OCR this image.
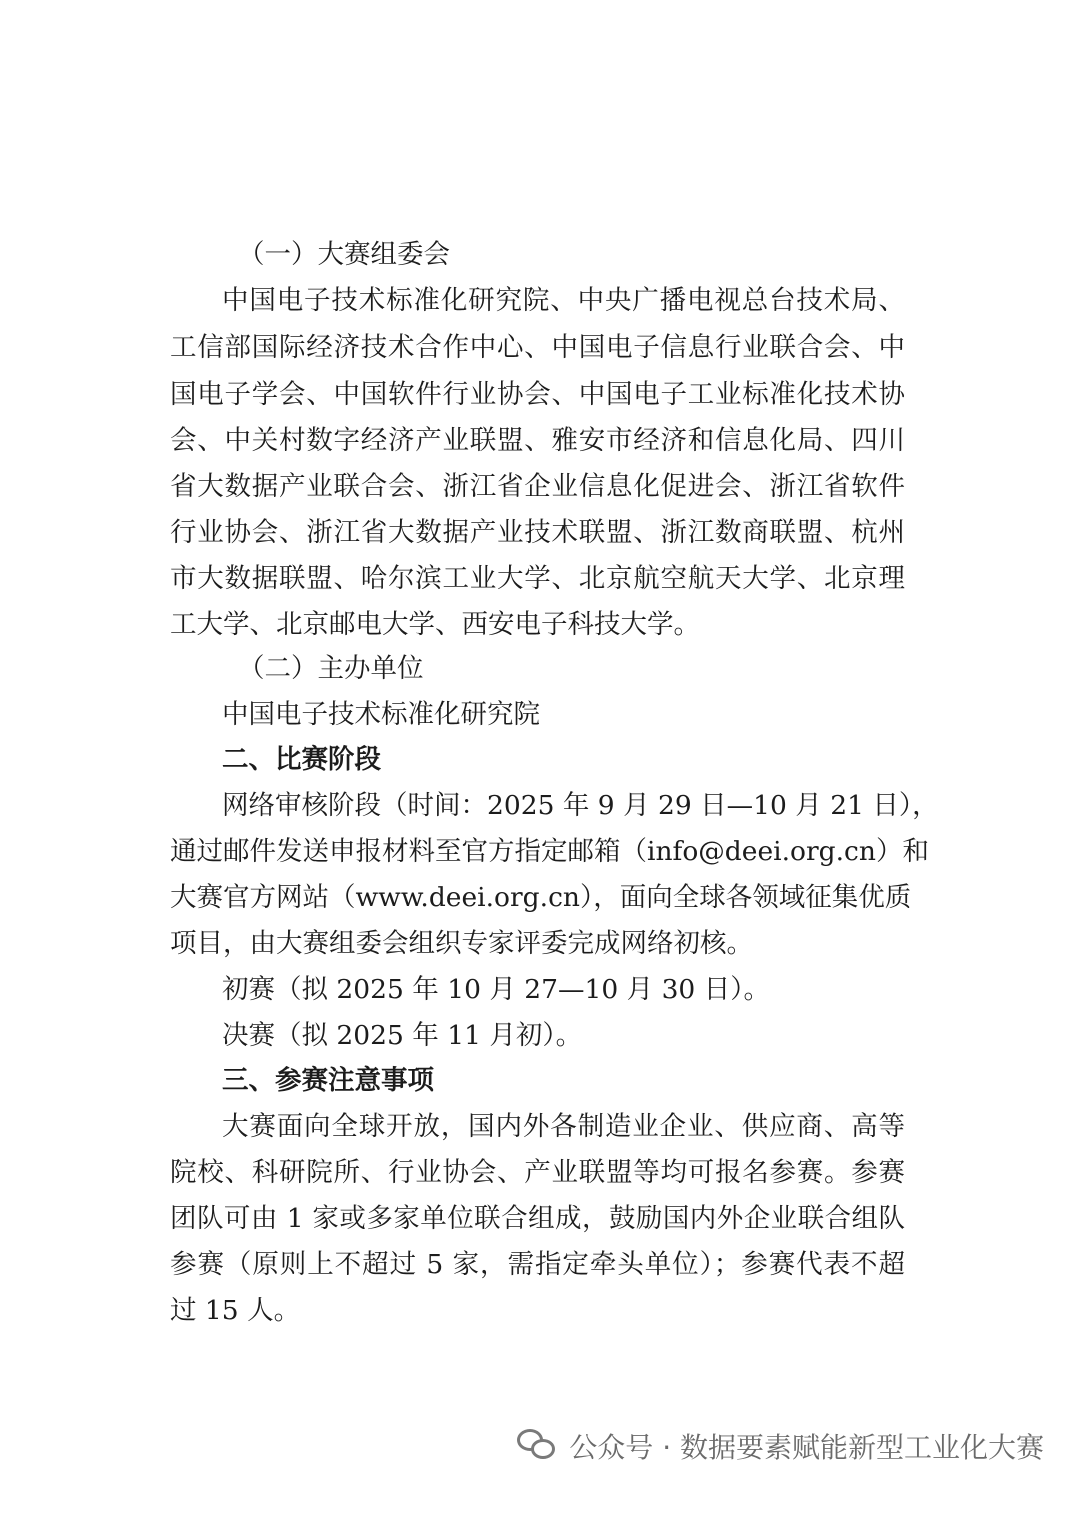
（一）大赛组委会
中国电子技术标准化研究院、中央广播电视总台技术局、
工信部国际经济技术合作中心、中国电子信息行业联合会、中
国电子学会、中国软件行业协会、中国电子工业标准化技术协
会、中关村数字经济产业联盟、雅安市经济和信息化局、四川
省大数据产业联合会、浙江省企业信息化促进会、浙江省软件
行业协会、浙江省大数据产业技术联盟、浙江数商联盟、杭州
市大数据联盟、哈尔滨工业大学、北京航空航天大学、北京理
工大学、北京邮电大学、西安电子科技大学。
（二）主办单位
中国电子技术标准化研究院
二、比赛阶段
网络审核阶段（时间：2025 年 9 月 29 日—10 月 21 日），
通过邮件发送申报材料至官方指定邮箱（info@deei.org.cn）和
大赛官方网站（www.deei.org.cn），面向全球各领域征集优质
项目，由大赛组委会组织专家评委完成网络初核。
初赛（拟 2025 年 10 月 27—10 月 30 日）。
决赛（拟 2025 年 11 月初）。
三、参赛注意事项
大赛面向全球开放，国内外各制造业企业、供应商、高等
院校、科研院所、行业协会、产业联盟等均可报名参赛。参赛
团队可由 1 家或多家单位联合组成，鼓励国内外企业联合组队
参赛（原则上不超过 5 家，需指定牵头单位）；参赛代表不超
过 15 人。
公众号 · 数据要素赋能新型工业化大赛
